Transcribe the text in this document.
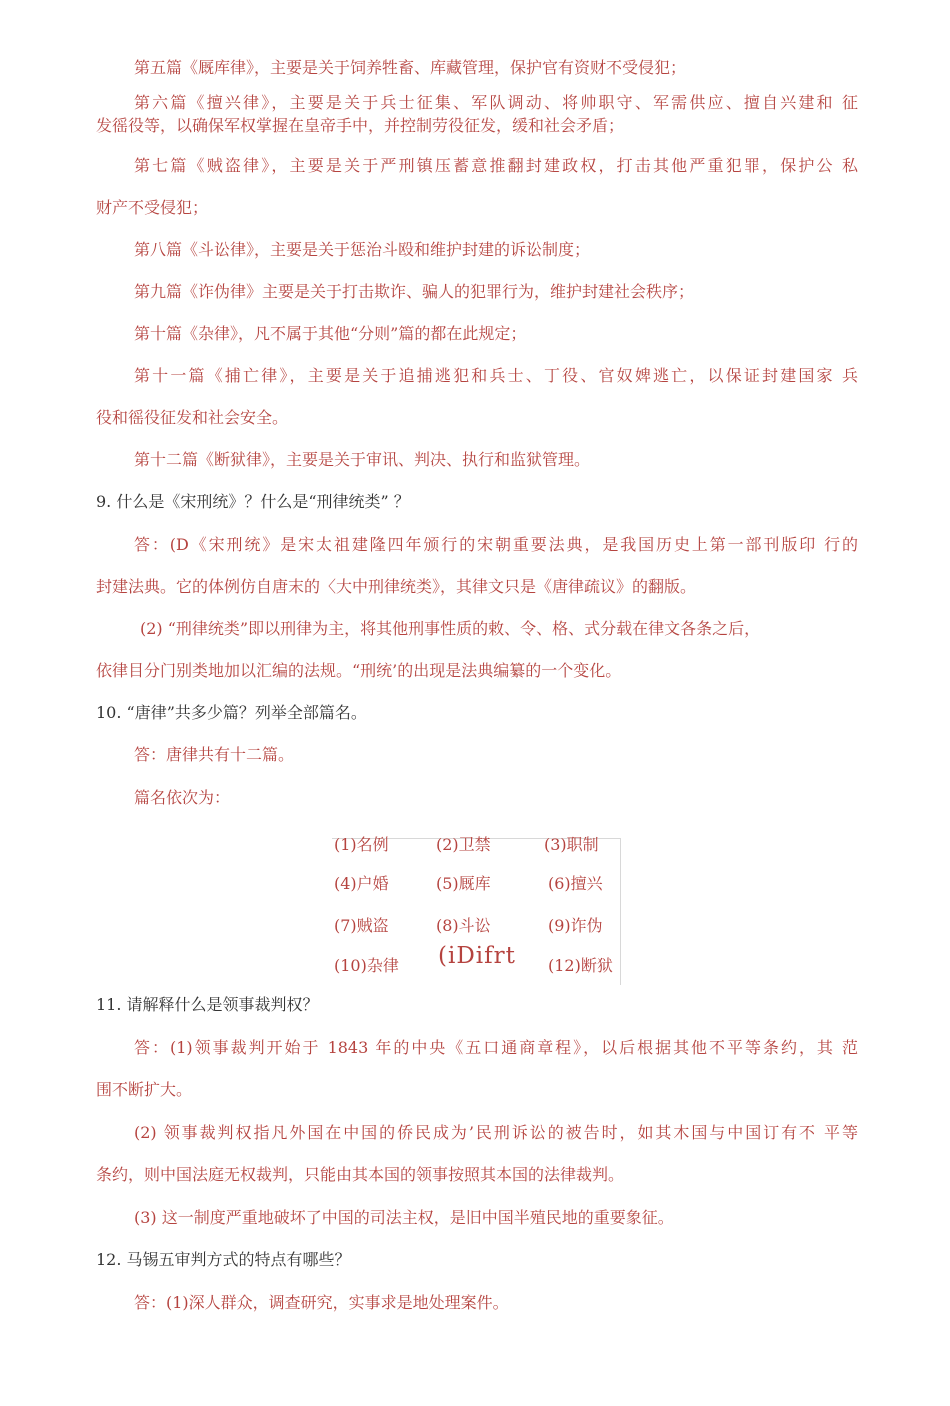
第五篇《厩库律》，主要是关于饲养牲畜、库藏管理，保护官有资财不受侵犯；

第六篇《擅兴律》，主要是关于兵士征集、军队调动、将帅职守、军需供应、擅自兴建和 征

发徭役等，以确保军权掌握在皇帝手中，并控制劳役征发，缓和社会矛盾；

第七篇《贼盗律》，主要是关于严刑镇压蓄意推翻封建政权，打击其他严重犯罪，保护公 私

财产不受侵犯；

第八篇《斗讼律》，主要是关于惩治斗殴和维护封建的诉讼制度；

第九篇《诈伪律》主要是关于打击欺诈、骗人的犯罪行为，维护封建社会秩序；

第十篇《杂律》，凡不属于其他“分则”篇的都在此规定；

第十一篇《捕亡律》，主要是关于追捕逃犯和兵士、丁役、官奴婢逃亡，以保证封建国家 兵

役和徭役征发和社会安全。

第十二篇《断狱律》，主要是关于审讯、判决、执行和监狱管理。

9. 什么是《宋刑统》？什么是“刑律统类” ？

答：(D《宋刑统》是宋太祖建隆四年颁行的宋朝重要法典，是我国历史上第一部刊版印 行的

封建法典。它的体例仿自唐末的〈大中刑律统类》，其律文只是《唐律疏议》的翻版。

(2) “刑律统类”即以刑律为主，将其他刑事性质的敕、令、格、式分载在律文各条之后，

依律目分门别类地加以汇编的法规。“刑统’的出现是法典编纂的一个变化。

10. “唐律”共多少篇？列举全部篇名。

答：唐律共有十二篇。

篇名依次为：

(1)名例	(2)卫禁	(3)职制
(4)户婚	(5)厩库	(6)擅兴
(7)贼盗	(8)斗讼	(9)诈伪
(10)杂律 (iDifrt (12)断狱

11. 请解释什么是领事裁判权？

答：(1)领事裁判开始于 1843 年的中央《五口通商章程》，以后根据其他不平等条约，其 范

围不断扩大。

(2) 领事裁判权指凡外国在中国的侨民成为’民刑诉讼的被告时，如其木国与中国订有不 平等

条约，则中国法庭无权裁判，只能由其本国的领事按照其本国的法律裁判。

(3) 这一制度严重地破坏了中国的司法主权，是旧中国半殖民地的重要象征。

12. 马锡五审判方式的特点有哪些？

答：(1)深人群众，调查研究，实事求是地处理案件。
